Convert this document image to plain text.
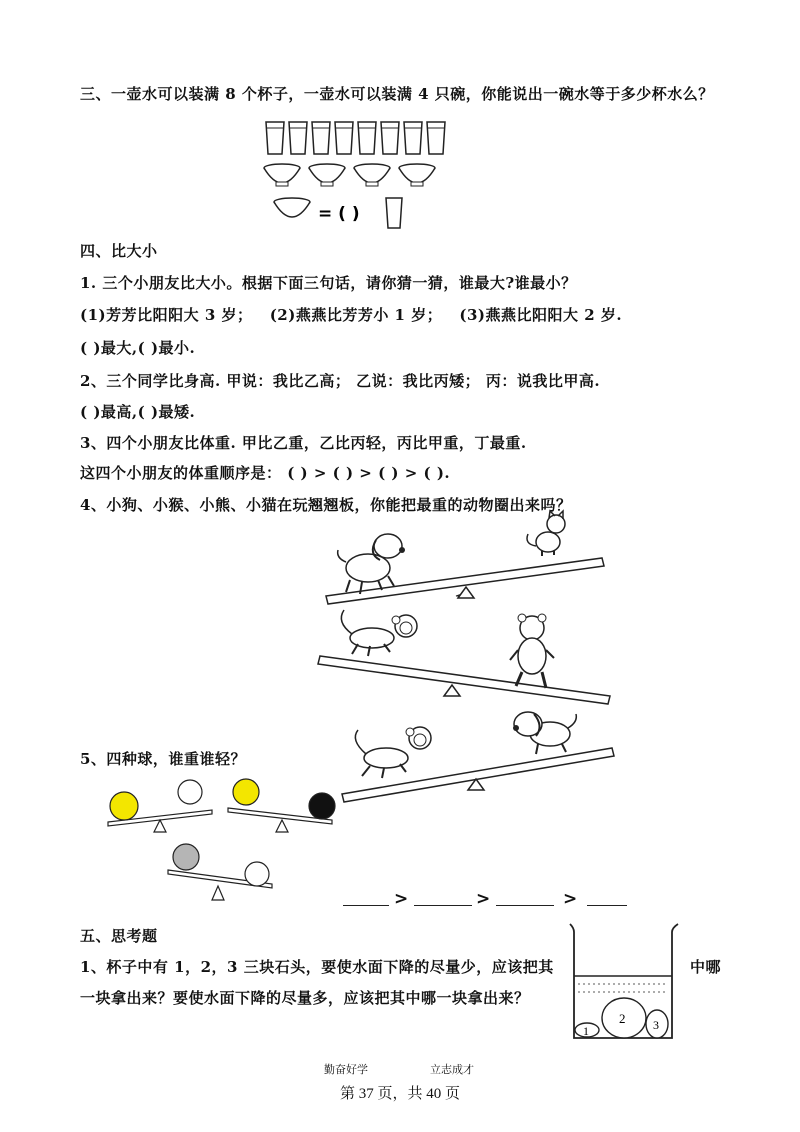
三、一壶水可以装满 8 个杯子，一壶水可以装满 4 只碗，你能说出一碗水等于多少杯水么？
= ( )
四、比大小
1. 三个小朋友比大小。根据下面三句话，请你猜一猜，谁最大?谁最小？
(1)芳芳比阳阳大 3 岁； (2)燕燕比芳芳小 1 岁； (3)燕燕比阳阳大 2 岁.
( )最大,( )最小.
2、三个同学比身高. 甲说：我比乙高； 乙说：我比丙矮； 丙：说我比甲高.
( )最高,( )最矮.
3、四个小朋友比体重. 甲比乙重，乙比丙轻，丙比甲重，丁最重.
这四个小朋友的体重顺序是： ( ) > ( ) > ( ) > ( ).
4、小狗、小猴、小熊、小猫在玩翘翘板，你能把最重的动物圈出来吗？
5、四种球，谁重谁轻？
>	>	>
五、思考题
1、杯子中有 1，2，3 三块石头，要使水面下降的尽量少，应该把其	中哪
一块拿出来？要使水面下降的尽量多，应该把其中哪一块拿出来？
1
2 3
勤奋好学	立志成才
第 37 页，共 40 页
